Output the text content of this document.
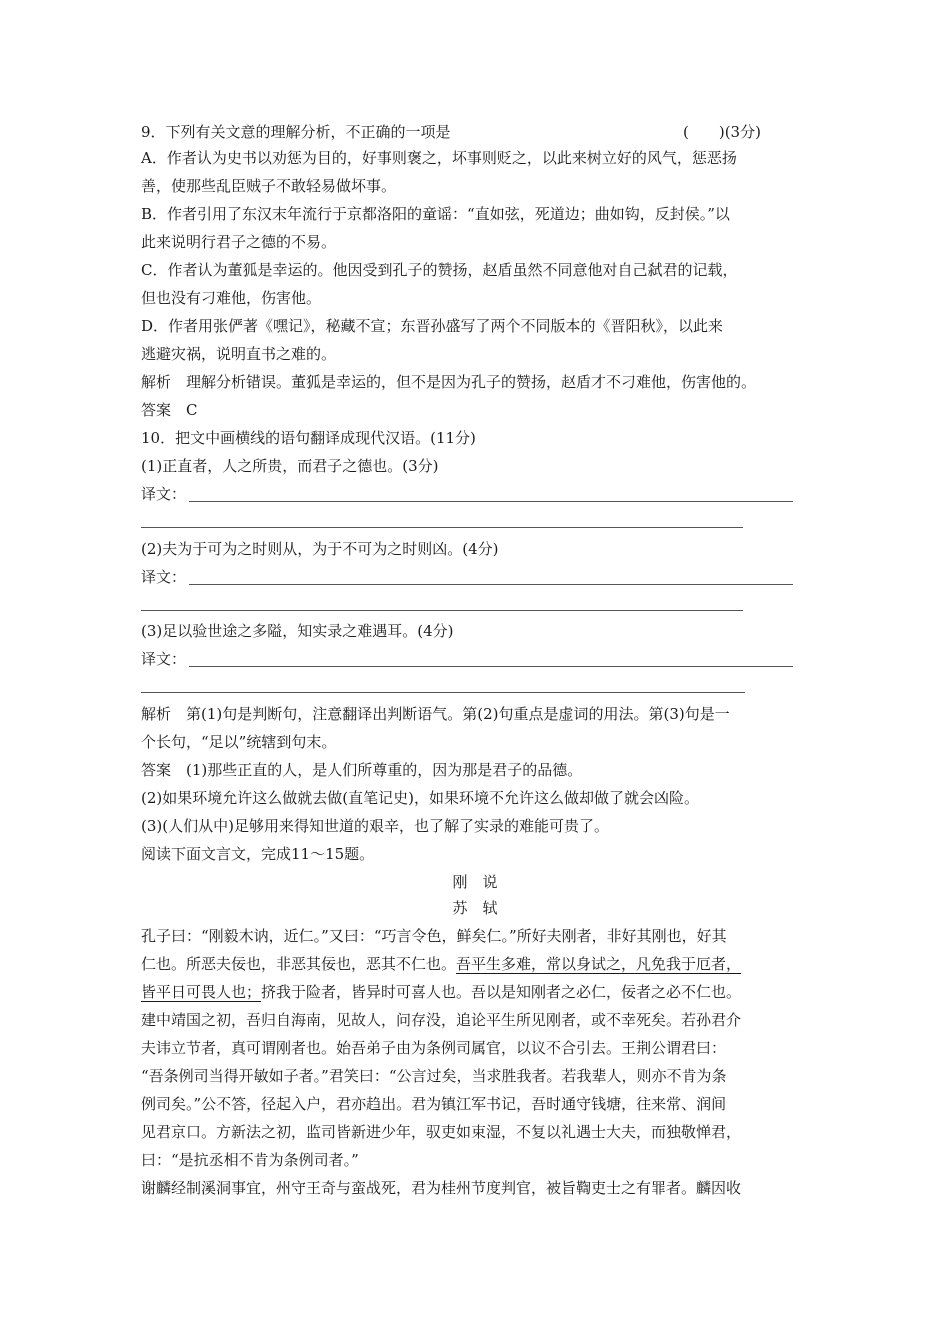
9．下列有关文意的理解分析，不正确的一项是	(　　)(3分)
A．作者认为史书以劝惩为目的，好事则褒之，坏事则贬之，以此来树立好的风气，惩恶扬
善，使那些乱臣贼子不敢轻易做坏事。
B．作者引用了东汉末年流行于京都洛阳的童谣：“直如弦，死道边；曲如钩，反封侯。”以
此来说明行君子之德的不易。
C．作者认为董狐是幸运的。他因受到孔子的赞扬，赵盾虽然不同意他对自己弑君的记载，
但也没有刁难他，伤害他。
D．作者用张俨著《嘿记》，秘藏不宣；东晋孙盛写了两个不同版本的《晋阳秋》，以此来
逃避灾祸，说明直书之难的。
解析　理解分析错误。董狐是幸运的，但不是因为孔子的赞扬，赵盾才不刁难他，伤害他的。
答案　C
10．把文中画横线的语句翻译成现代汉语。(11分)
(1)正直者，人之所贵，而君子之德也。(3分)
译文：
(2)夫为于可为之时则从，为于不可为之时则凶。(4分)
译文：
(3)足以验世途之多隘，知实录之难遇耳。(4分)
译文：
解析　第(1)句是判断句，注意翻译出判断语气。第(2)句重点是虚词的用法。第(3)句是一
个长句，“足以”统辖到句末。
答案　(1)那些正直的人，是人们所尊重的，因为那是君子的品德。
(2)如果环境允许这么做就去做(直笔记史)，如果环境不允许这么做却做了就会凶险。
(3)(人们从中)足够用来得知世道的艰辛，也了解了实录的难能可贵了。
阅读下面文言文，完成11～15题。
刚　说
苏　轼
孔子曰：“刚毅木讷，近仁。”又曰：“巧言令色，鲜矣仁。”所好夫刚者，非好其刚也，好其
仁也。所恶夫佞也，非恶其佞也，恶其不仁也。吾平生多难，常以身试之，凡免我于厄者，
皆平日可畏人也；挤我于险者，皆异时可喜人也。吾以是知刚者之必仁，佞者之必不仁也。
建中靖国之初，吾归自海南，见故人，问存没，追论平生所见刚者，或不幸死矣。若孙君介
夫讳立节者，真可谓刚者也。始吾弟子由为条例司属官，以议不合引去。王荆公谓君曰：
“吾条例司当得开敏如子者。”君笑曰：“公言过矣，当求胜我者。若我辈人，则亦不肯为条
例司矣。”公不答，径起入户，君亦趋出。君为镇江军书记，吾时通守钱塘，往来常、润间
见君京口。方新法之初，监司皆新进少年，驭吏如束湿，不复以礼遇士大夫，而独敬惮君，
曰：“是抗丞相不肯为条例司者。”
谢麟经制溪洞事宜，州守王奇与蛮战死，君为桂州节度判官，被旨鞫吏士之有罪者。麟因收
